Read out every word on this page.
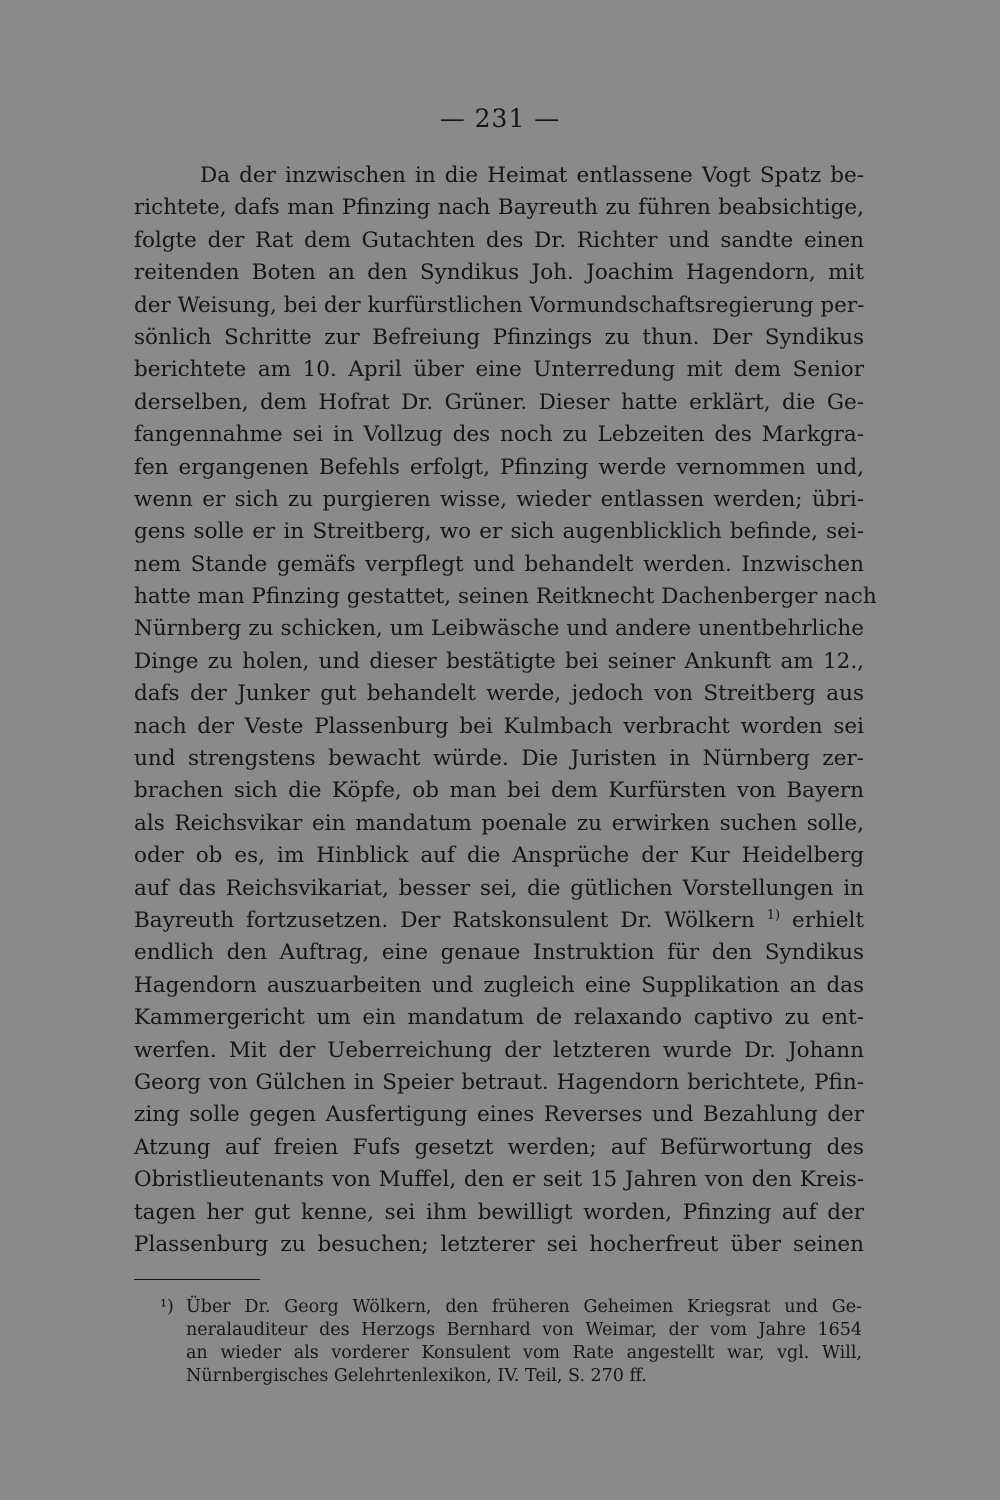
— 231 —
Da der inzwischen in die Heimat entlassene Vogt Spatz be-
richtete, dafs man Pfinzing nach Bayreuth zu führen beabsichtige,
folgte der Rat dem Gutachten des Dr. Richter und sandte einen
reitenden Boten an den Syndikus Joh. Joachim Hagendorn, mit
der Weisung, bei der kurfürstlichen Vormundschaftsregierung per-
sönlich Schritte zur Befreiung Pfinzings zu thun. Der Syndikus
berichtete am 10. April über eine Unterredung mit dem Senior
derselben, dem Hofrat Dr. Grüner. Dieser hatte erklärt, die Ge-
fangennahme sei in Vollzug des noch zu Lebzeiten des Markgra-
fen ergangenen Befehls erfolgt, Pfinzing werde vernommen und,
wenn er sich zu purgieren wisse, wieder entlassen werden; übri-
gens solle er in Streitberg, wo er sich augenblicklich befinde, sei-
nem Stande gemäfs verpflegt und behandelt werden. Inzwischen
hatte man Pfinzing gestattet, seinen Reitknecht Dachenberger nach
Nürnberg zu schicken, um Leibwäsche und andere unentbehrliche
Dinge zu holen, und dieser bestätigte bei seiner Ankunft am 12.,
dafs der Junker gut behandelt werde, jedoch von Streitberg aus
nach der Veste Plassenburg bei Kulmbach verbracht worden sei
und strengstens bewacht würde. Die Juristen in Nürnberg zer-
brachen sich die Köpfe, ob man bei dem Kurfürsten von Bayern
als Reichsvikar ein mandatum poenale zu erwirken suchen solle,
oder ob es, im Hinblick auf die Ansprüche der Kur Heidelberg
auf das Reichsvikariat, besser sei, die gütlichen Vorstellungen in
Bayreuth fortzusetzen. Der Ratskonsulent Dr. Wölkern $^{1)}$ erhielt
endlich den Auftrag, eine genaue Instruktion für den Syndikus
Hagendorn auszuarbeiten und zugleich eine Supplikation an das
Kammergericht um ein mandatum de relaxando captivo zu ent-
werfen. Mit der Ueberreichung der letzteren wurde Dr. Johann
Georg von Gülchen in Speier betraut. Hagendorn berichtete, Pfin-
zing solle gegen Ausfertigung eines Reverses und Bezahlung der
Atzung auf freien Fufs gesetzt werden; auf Befürwortung des
Obristlieutenants von Muffel, den er seit 15 Jahren von den Kreis-
tagen her gut kenne, sei ihm bewilligt worden, Pfinzing auf der
Plassenburg zu besuchen; letzterer sei hocherfreut über seinen
¹) Über Dr. Georg Wölkern, den früheren Geheimen Kriegsrat und Ge-
neralauditeur des Herzogs Bernhard von Weimar, der vom Jahre 1654
an wieder als vorderer Konsulent vom Rate angestellt war, vgl. Will,
Nürnbergisches Gelehrtenlexikon, IV. Teil, S. 270 ff.
